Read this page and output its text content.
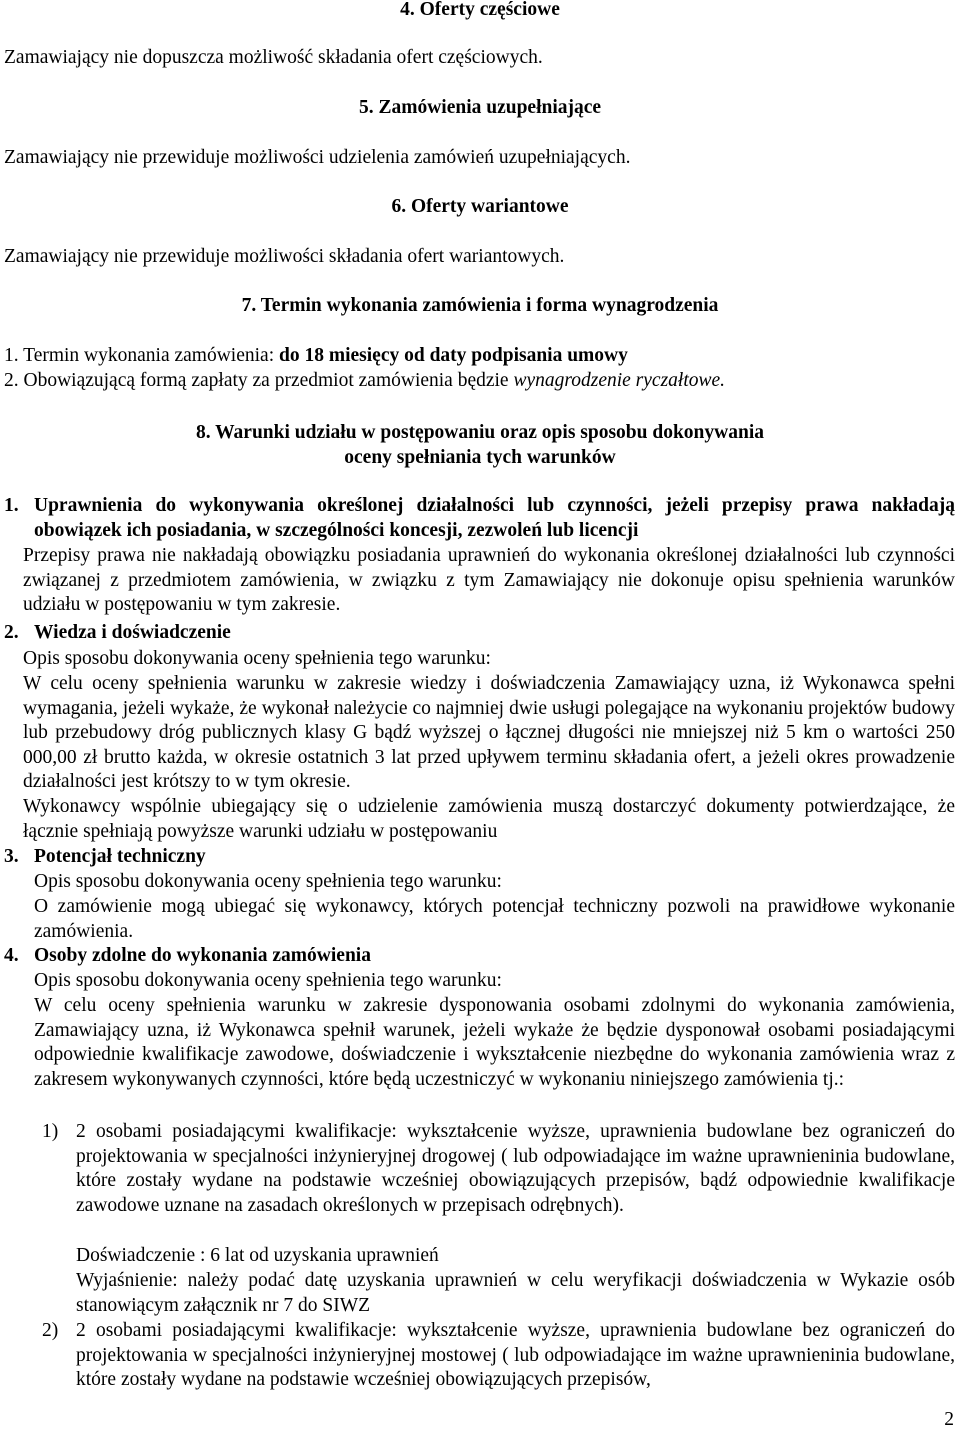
4. Oferty częściowe
Zamawiający nie dopuszcza możliwość składania ofert częściowych.
5. Zamówienia uzupełniające
Zamawiający nie przewiduje możliwości udzielenia zamówień uzupełniających.
6. Oferty wariantowe
Zamawiający nie przewiduje możliwości składania ofert wariantowych.
7. Termin wykonania zamówienia i forma wynagrodzenia
1. Termin wykonania zamówienia: do 18 miesięcy od daty podpisania umowy
2. Obowiązującą formą zapłaty za przedmiot zamówienia będzie wynagrodzenie ryczałtowe.
8. Warunki udziału w postępowaniu oraz opis sposobu dokonywania
oceny spełniania tych warunków
1. Uprawnienia do wykonywania określonej działalności lub czynności, jeżeli przepisy prawa nakładają obowiązek ich posiadania, w szczególności koncesji, zezwoleń lub licencji
Przepisy prawa nie nakładają obowiązku posiadania uprawnień do wykonania określonej działalności lub czynności związanej z przedmiotem zamówienia, w związku z tym Zamawiający nie dokonuje opisu spełnienia warunków udziału w postępowaniu w tym zakresie.
2. Wiedza i doświadczenie
Opis sposobu dokonywania oceny spełnienia tego warunku:
W celu oceny spełnienia warunku w zakresie wiedzy i doświadczenia Zamawiający uzna, iż Wykonawca spełni wymagania, jeżeli wykaże, że wykonał należycie co najmniej dwie usługi polegające na wykonaniu projektów budowy lub przebudowy dróg publicznych klasy G bądź wyższej o łącznej długości nie mniejszej niż 5 km o wartości 250 000,00 zł brutto każda, w okresie ostatnich 3 lat przed upływem terminu składania ofert, a jeżeli okres prowadzenie działalności jest krótszy to w tym okresie.
Wykonawcy wspólnie ubiegający się o udzielenie zamówienia muszą dostarczyć dokumenty potwierdzające, że łącznie spełniają powyższe warunki udziału w postępowaniu
3. Potencjał techniczny
Opis sposobu dokonywania oceny spełnienia tego warunku:
O zamówienie mogą ubiegać się wykonawcy, których potencjał techniczny pozwoli na prawidłowe wykonanie zamówienia.
4. Osoby zdolne do wykonania zamówienia
Opis sposobu dokonywania oceny spełnienia tego warunku:
W celu oceny spełnienia warunku w zakresie dysponowania osobami zdolnymi do wykonania zamówienia, Zamawiający uzna, iż Wykonawca spełnił warunek, jeżeli wykaże że będzie dysponował osobami posiadającymi odpowiednie kwalifikacje zawodowe, doświadczenie i wykształcenie niezbędne do wykonania zamówienia wraz z zakresem wykonywanych czynności, które będą uczestniczyć w wykonaniu niniejszego zamówienia tj.:
1) 2 osobami posiadającymi kwalifikacje: wykształcenie wyższe, uprawnienia budowlane bez ograniczeń do projektowania w specjalności inżynieryjnej drogowej ( lub odpowiadające im ważne uprawnieninia budowlane, które zostały wydane na podstawie wcześniej obowiązujących przepisów, bądź odpowiednie kwalifikacje zawodowe uznane na zasadach określonych w przepisach odrębnych).
Doświadczenie : 6 lat od uzyskania uprawnień
Wyjaśnienie: należy podać datę uzyskania uprawnień w celu weryfikacji doświadczenia w Wykazie osób stanowiącym załącznik nr 7 do SIWZ
2) 2 osobami posiadającymi kwalifikacje: wykształcenie wyższe, uprawnienia budowlane bez ograniczeń do projektowania w specjalności inżynieryjnej mostowej ( lub odpowiadające im ważne uprawnieninia budowlane, które zostały wydane na podstawie wcześniej obowiązujących przepisów,
2
